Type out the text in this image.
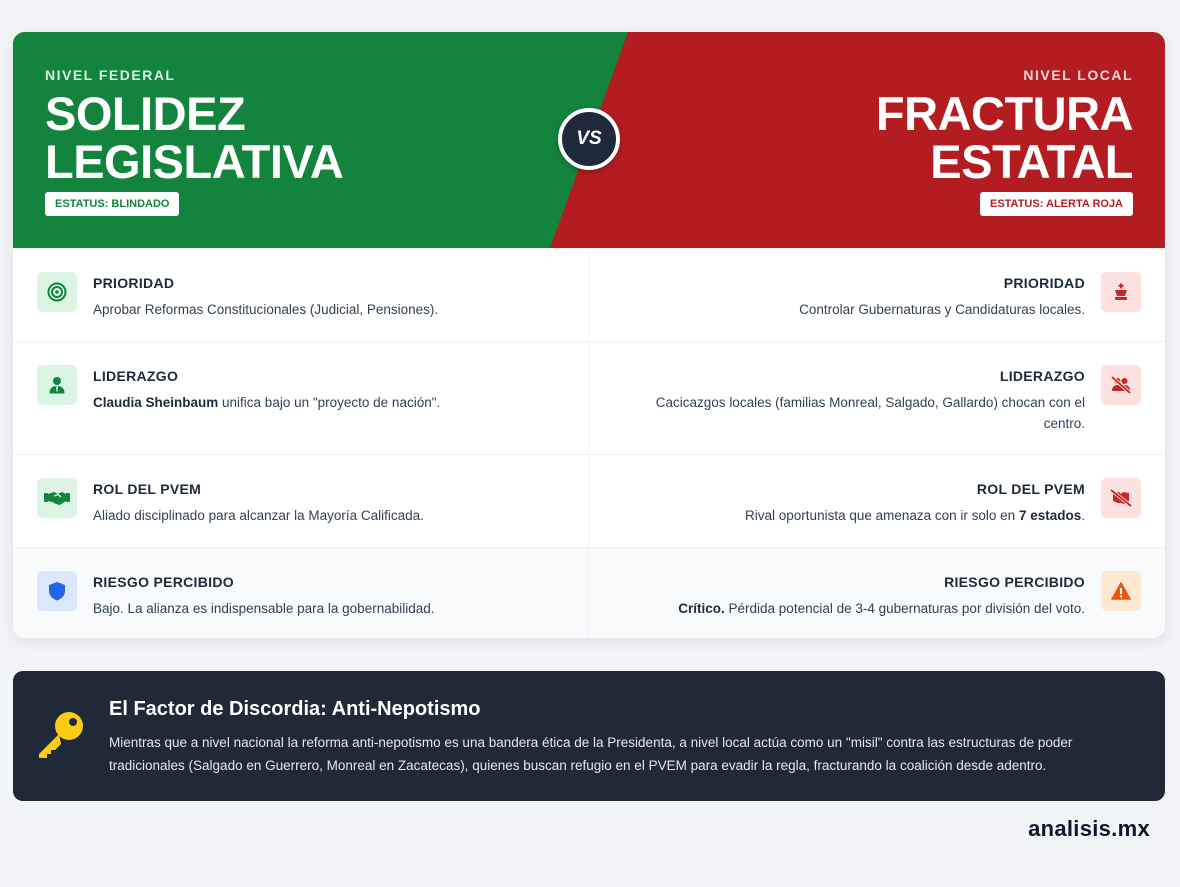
NIVEL FEDERAL
SOLIDEZ
LEGISLATIVA
ESTATUS: BLINDADO
NIVEL LOCAL
FRACTURA
ESTATAL
ESTATUS: ALERTA ROJA
VS
PRIORIDAD
Aprobar Reformas Constitucionales (Judicial, Pensiones).
PRIORIDAD
Controlar Gubernaturas y Candidaturas locales.
LIDERAZGO
Claudia Sheinbaum unifica bajo un "proyecto de nación".
LIDERAZGO
Cacicazgos locales (familias Monreal, Salgado, Gallardo) chocan con el centro.
ROL DEL PVEM
Aliado disciplinado para alcanzar la Mayoría Calificada.
ROL DEL PVEM
Rival oportunista que amenaza con ir solo en 7 estados.
RIESGO PERCIBIDO
Bajo. La alianza es indispensable para la gobernabilidad.
RIESGO PERCIBIDO
Crítico. Pérdida potencial de 3-4 gubernaturas por división del voto.
El Factor de Discordia: Anti-Nepotismo
Mientras que a nivel nacional la reforma anti-nepotismo es una bandera ética de la Presidenta, a nivel local actúa como un "misil" contra las estructuras de poder tradicionales (Salgado en Guerrero, Monreal en Zacatecas), quienes buscan refugio en el PVEM para evadir la regla, fracturando la coalición desde adentro.
analisis.mx
